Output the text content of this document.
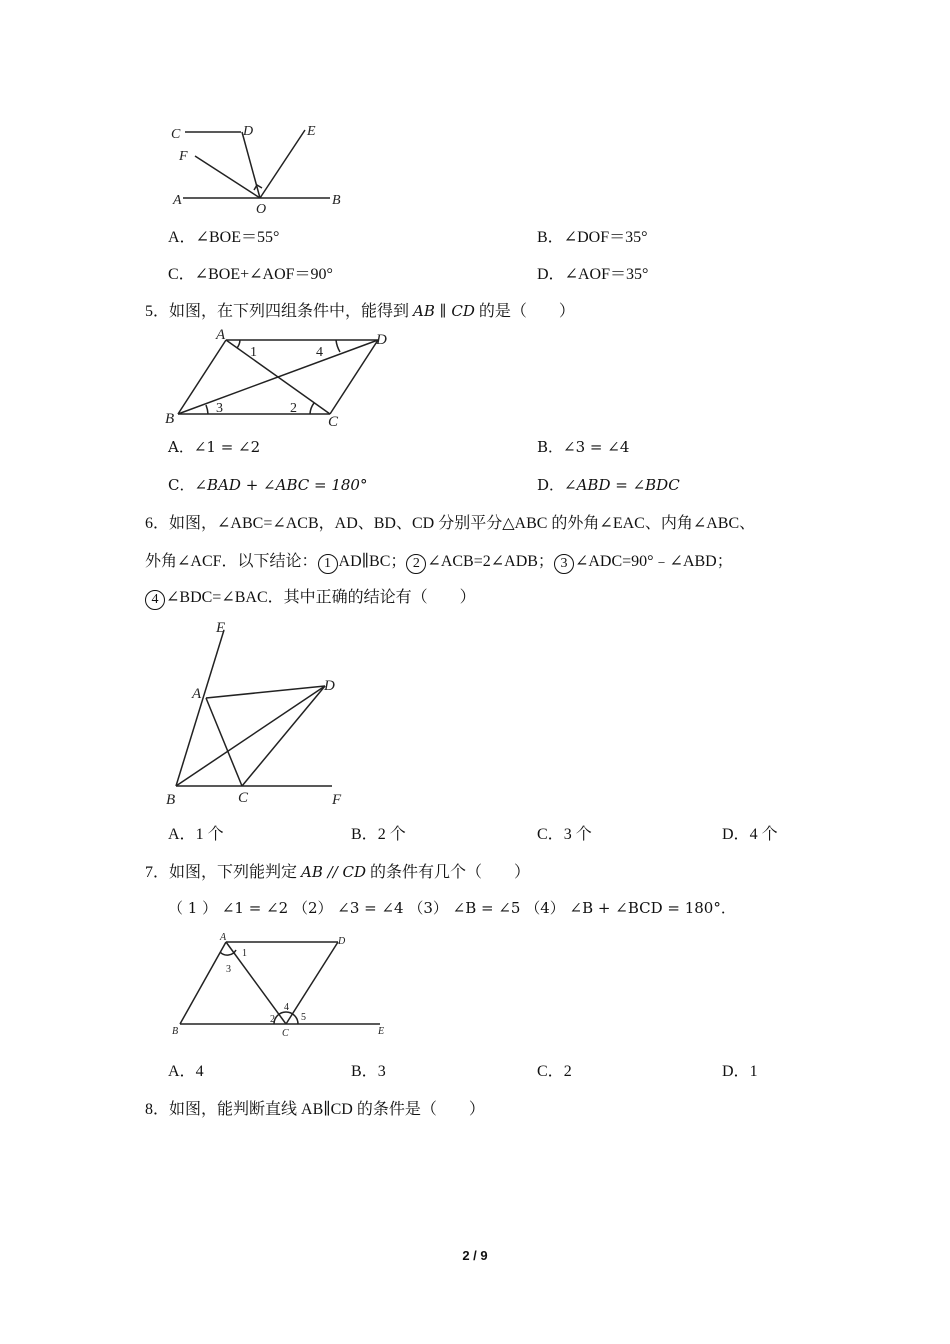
C	D	E
F
A
O
B
A．∠BOE＝55°	B．∠DOF＝35°
C．∠BOE+∠AOF＝90°	D．∠AOF＝35°
5．如图，在下列四组条件中，能得到 AB ∥ CD 的是（　　）
A	D
B	C
1	4
3	2
A．∠1 = ∠2	B．∠3 = ∠4
C．∠BAD + ∠ABC = 180°	D．∠ABD = ∠BDC
6．如图，∠ABC=∠ACB，AD、BD、CD 分别平分△ABC 的外角∠EAC、内角∠ABC、
外角∠ACF．以下结论： 1 AD∥BC； 2 ∠ACB=2∠ADB； 3 ∠ADC=90°﹣∠ABD；
4 ∠BDC=∠BAC．其中正确的结论有（　　）
E
A	D
B	C	F
A．1 个	B．2 个	C．3 个	D．4 个
7．如图，下列能判定 AB // CD 的条件有几个（　　）
（ 1 ） ∠1 = ∠2 （2） ∠3 = ∠4 （3） ∠B = ∠5 （4） ∠B + ∠BCD = 180°．
A	D
B	C	E
1
3
2
4
5
A．4	B．3	C．2	D．1
8．如图，能判断直线 AB∥CD 的条件是（　　）
2 / 9
